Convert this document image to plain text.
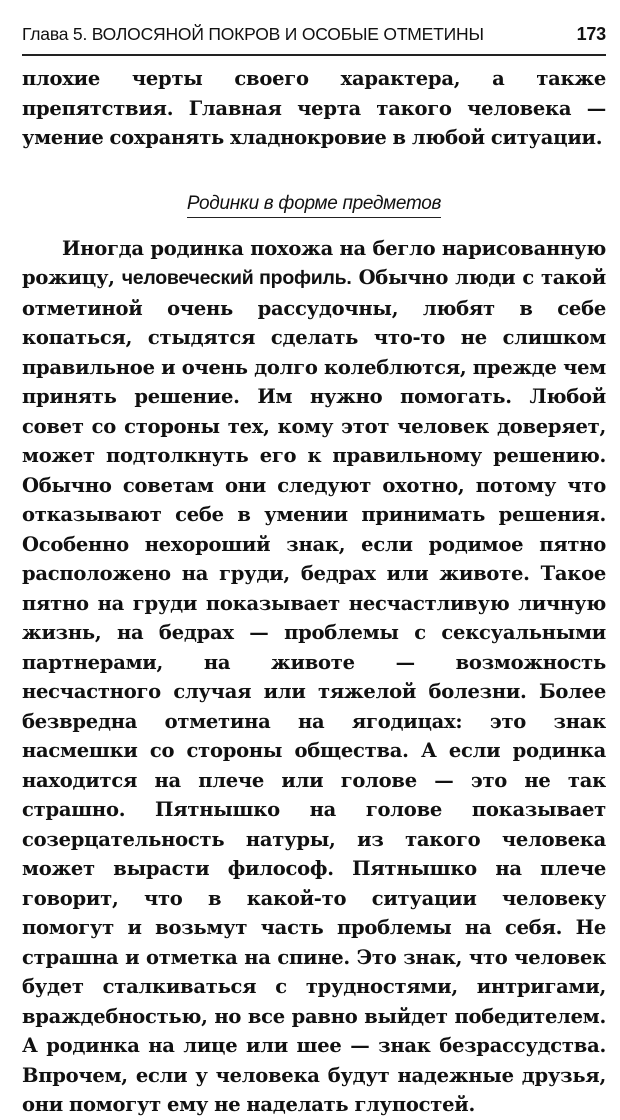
Глава 5. ВОЛОСЯНОЙ ПОКРОВ И ОСОБЫЕ ОТМЕТИНЫ	173

плохие черты своего характера, а также препятствия. Главная черта такого человека — умение сохранять хладнокровие в любой ситуации.

Родинки в форме предметов

Иногда родинка похожа на бегло нарисованную рожицу, человеческий профиль. Обычно люди с такой отметиной очень рассудочны, любят в себе копаться, стыдятся сделать что-то не слишком правильное и очень долго колеблются, прежде чем принять решение. Им нужно помогать. Любой совет со стороны тех, кому этот человек доверяет, может подтолкнуть его к правильному решению. Обычно советам они следуют охотно, потому что отказывают себе в умении принимать решения. Особенно нехороший знак, если родимое пятно расположено на груди, бедрах или животе. Такое пятно на груди показывает несчастливую личную жизнь, на бедрах — проблемы с сексуальными партнерами, на животе — возможность несчастного случая или тяжелой болезни. Более безвредна отметина на ягодицах: это знак насмешки со стороны общества. А если родинка находится на плече или голове — это не так страшно. Пятнышко на голове показывает созерцательность натуры, из такого человека может вырасти философ. Пятнышко на плече говорит, что в какой-то ситуации человеку помогут и возьмут часть проблемы на себя. Не страшна и отметка на спине. Это знак, что человек будет сталкиваться с трудностями, интригами, враждебностью, но все равно выйдет победителем. А родинка на лице или шее — знак безрассудства. Впрочем, если у человека будут надежные друзья, они помогут ему не наделать глупостей.
